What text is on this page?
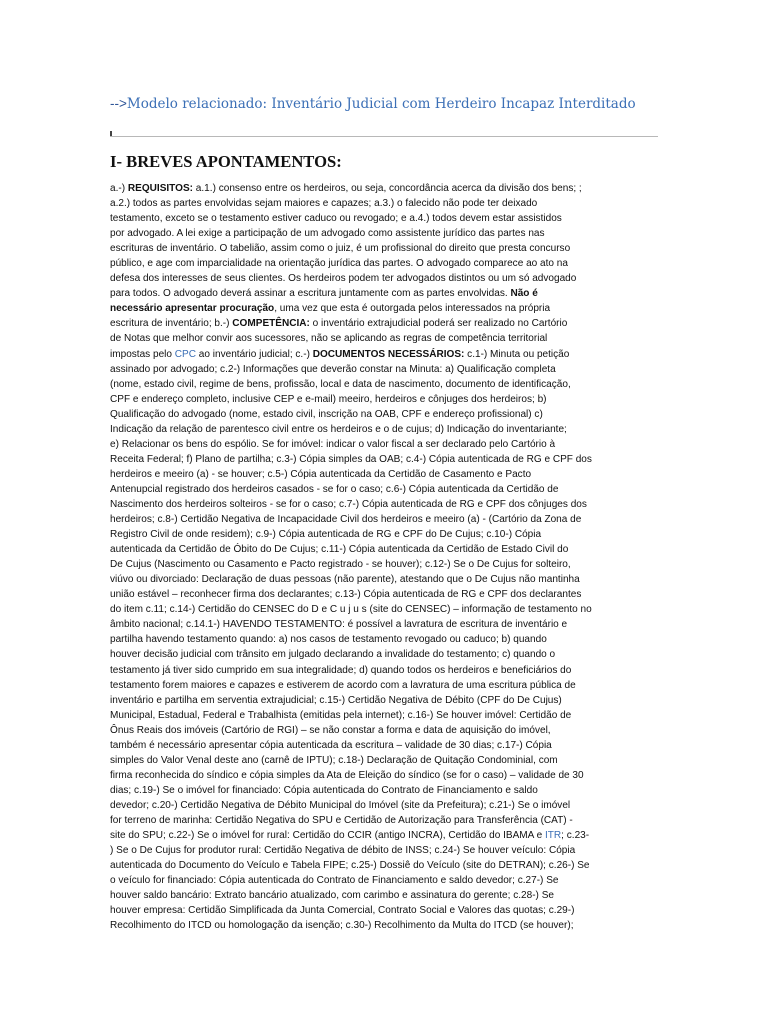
-->Modelo relacionado: Inventário Judicial com Herdeiro Incapaz Interditado
I- BREVES APONTAMENTOS:
a.-) REQUISITOS: a.1.) consenso entre os herdeiros, ou seja, concordância acerca da divisão dos bens; ;
a.2.) todos as partes envolvidas sejam maiores e capazes; a.3.) o falecido não pode ter deixado
testamento, exceto se o testamento estiver caduco ou revogado; e a.4.) todos devem estar assistidos
por advogado. A lei exige a participação de um advogado como assistente jurídico das partes nas
escrituras de inventário. O tabelião, assim como o juiz, é um profissional do direito que presta concurso
público, e age com imparcialidade na orientação jurídica das partes. O advogado comparece ao ato na
defesa dos interesses de seus clientes. Os herdeiros podem ter advogados distintos ou um só advogado
para todos. O advogado deverá assinar a escritura juntamente com as partes envolvidas. Não é
necessário apresentar procuração, uma vez que esta é outorgada pelos interessados na própria
escritura de inventário; b.-) COMPETÊNCIA: o inventário extrajudicial poderá ser realizado no Cartório
de Notas que melhor convir aos sucessores, não se aplicando as regras de competência territorial
impostas pelo CPC ao inventário judicial; c.-) DOCUMENTOS NECESSÁRIOS: c.1-) Minuta ou petição
assinado por advogado; c.2-) Informações que deverão constar na Minuta: a) Qualificação completa
(nome, estado civil, regime de bens, profissão, local e data de nascimento, documento de identificação,
CPF e endereço completo, inclusive CEP e e-mail) meeiro, herdeiros e cônjuges dos herdeiros; b)
Qualificação do advogado (nome, estado civil, inscrição na OAB, CPF e endereço profissional) c)
Indicação da relação de parentesco civil entre os herdeiros e o de cujus; d) Indicação do inventariante;
e) Relacionar os bens do espólio. Se for imóvel: indicar o valor fiscal a ser declarado pelo Cartório à
Receita Federal; f) Plano de partilha; c.3-) Cópia simples da OAB; c.4-) Cópia autenticada de RG e CPF dos
herdeiros e meeiro (a) - se houver; c.5-) Cópia autenticada da Certidão de Casamento e Pacto
Antenupcial registrado dos herdeiros casados - se for o caso; c.6-) Cópia autenticada da Certidão de
Nascimento dos herdeiros solteiros - se for o caso; c.7-) Cópia autenticada de RG e CPF dos cônjuges dos
herdeiros; c.8-) Certidão Negativa de Incapacidade Civil dos herdeiros e meeiro (a) - (Cartório da Zona de
Registro Civil de onde residem); c.9-) Cópia autenticada de RG e CPF do De Cujus; c.10-) Cópia
autenticada da Certidão de Óbito do De Cujus; c.11-) Cópia autenticada da Certidão de Estado Civil do
De Cujus (Nascimento ou Casamento e Pacto registrado - se houver); c.12-) Se o De Cujus for solteiro,
viúvo ou divorciado: Declaração de duas pessoas (não parente), atestando que o De Cujus não mantinha
união estável – reconhecer firma dos declarantes; c.13-) Cópia autenticada de RG e CPF dos declarantes
do item c.11; c.14-) Certidão do CENSEC do D e C u j u s (site do CENSEC) – informação de testamento no
âmbito nacional; c.14.1-) HAVENDO TESTAMENTO: é possível a lavratura de escritura de inventário e
partilha havendo testamento quando: a) nos casos de testamento revogado ou caduco; b) quando
houver decisão judicial com trânsito em julgado declarando a invalidade do testamento; c) quando o
testamento já tiver sido cumprido em sua integralidade; d) quando todos os herdeiros e beneficiários do
testamento forem maiores e capazes e estiverem de acordo com a lavratura de uma escritura pública de
inventário e partilha em serventia extrajudicial; c.15-) Certidão Negativa de Débito (CPF do De Cujus)
Municipal, Estadual, Federal e Trabalhista (emitidas pela internet); c.16-) Se houver imóvel: Certidão de
Ônus Reais dos imóveis (Cartório de RGI) – se não constar a forma e data de aquisição do imóvel,
também é necessário apresentar cópia autenticada da escritura – validade de 30 dias; c.17-) Cópia
simples do Valor Venal deste ano (carnê de IPTU); c.18-) Declaração de Quitação Condominial, com
firma reconhecida do síndico e cópia simples da Ata de Eleição do síndico (se for o caso) – validade de 30
dias; c.19-) Se o imóvel for financiado: Cópia autenticada do Contrato de Financiamento e saldo
devedor; c.20-) Certidão Negativa de Débito Municipal do Imóvel (site da Prefeitura); c.21-) Se o imóvel
for terreno de marinha: Certidão Negativa do SPU e Certidão de Autorização para Transferência (CAT) -
site do SPU; c.22-) Se o imóvel for rural: Certidão do CCIR (antigo INCRA), Certidão do IBAMA e ITR; c.23-
) Se o De Cujus for produtor rural: Certidão Negativa de débito de INSS; c.24-) Se houver veículo: Cópia
autenticada do Documento do Veículo e Tabela FIPE; c.25-) Dossiê do Veículo (site do DETRAN); c.26-) Se
o veículo for financiado: Cópia autenticada do Contrato de Financiamento e saldo devedor; c.27-) Se
houver saldo bancário: Extrato bancário atualizado, com carimbo e assinatura do gerente; c.28-) Se
houver empresa: Certidão Simplificada da Junta Comercial, Contrato Social e Valores das quotas; c.29-)
Recolhimento do ITCD ou homologação da isenção; c.30-) Recolhimento da Multa do ITCD (se houver);
